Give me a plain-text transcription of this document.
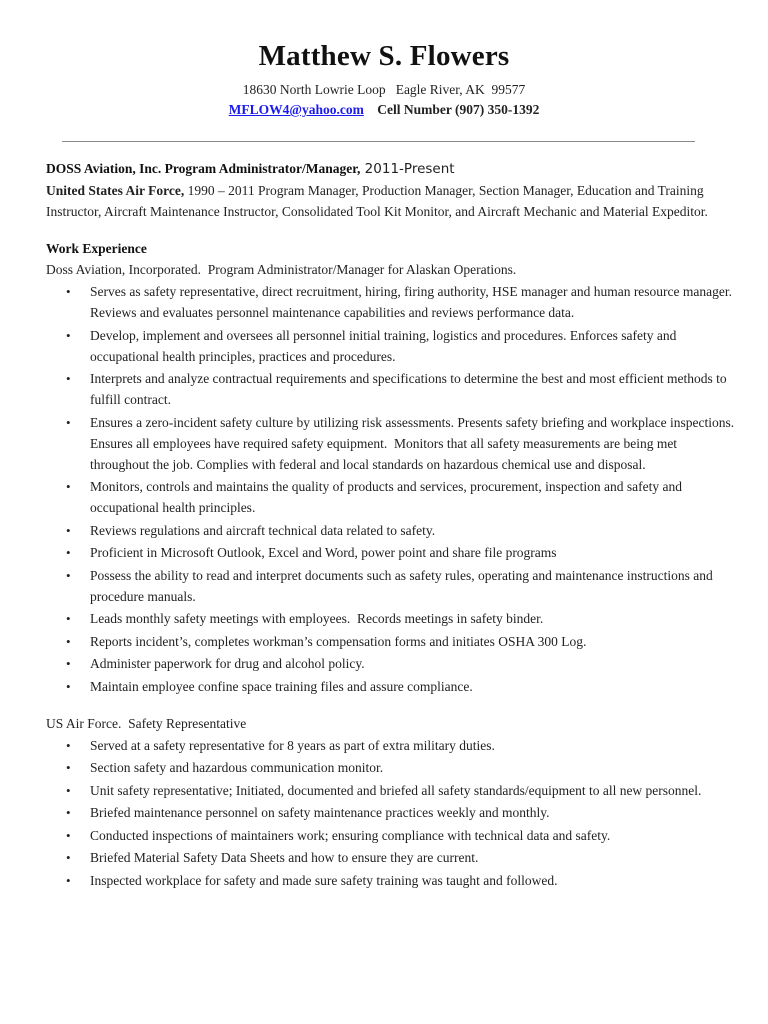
Matthew S. Flowers
18630 North Lowrie Loop   Eagle River, AK  99577
MFLOW4@yahoo.com Cell Number (907) 350-1392

DOSS Aviation, Inc. Program Administrator/Manager, 2011-Present

United States Air Force, 1990 – 2011 Program Manager, Production Manager, Section Manager, Education and Training Instructor, Aircraft Maintenance Instructor, Consolidated Tool Kit Monitor, and Aircraft Mechanic and Material Expeditor.

Work Experience
Doss Aviation, Incorporated.  Program Administrator/Manager for Alaskan Operations.
• Serves as safety representative, direct recruitment, hiring, firing authority, HSE manager and human resource manager.   Reviews and evaluates personnel maintenance capabilities and reviews performance data.
• Develop, implement and oversees all personnel initial training, logistics and procedures. Enforces safety and occupational health principles, practices and procedures.
• Interprets and analyze contractual requirements and specifications to determine the best and most efficient methods to fulfill contract.
• Ensures a zero-incident safety culture by utilizing risk assessments. Presents safety briefing and workplace inspections. Ensures all employees have required safety equipment.  Monitors that all safety measurements are being met throughout the job. Complies with federal and local standards on hazardous chemical use and disposal.
• Monitors, controls and maintains the quality of products and services, procurement, inspection and safety and occupational health principles.
• Reviews regulations and aircraft technical data related to safety.
• Proficient in Microsoft Outlook, Excel and Word, power point and share file programs
• Possess the ability to read and interpret documents such as safety rules, operating and maintenance instructions and procedure manuals.
• Leads monthly safety meetings with employees.  Records meetings in safety binder.
• Reports incident’s, completes workman’s compensation forms and initiates OSHA 300 Log.
• Administer paperwork for drug and alcohol policy.
• Maintain employee confine space training files and assure compliance.
US Air Force.  Safety Representative
• Served at a safety representative for 8 years as part of extra military duties.
• Section safety and hazardous communication monitor.
• Unit safety representative; Initiated, documented and briefed all safety standards/equipment to all new personnel.
• Briefed maintenance personnel on safety maintenance practices weekly and monthly.
• Conducted inspections of maintainers work; ensuring compliance with technical data and safety.
• Briefed Material Safety Data Sheets and how to ensure they are current.
• Inspected workplace for safety and made sure safety training was taught and followed.
